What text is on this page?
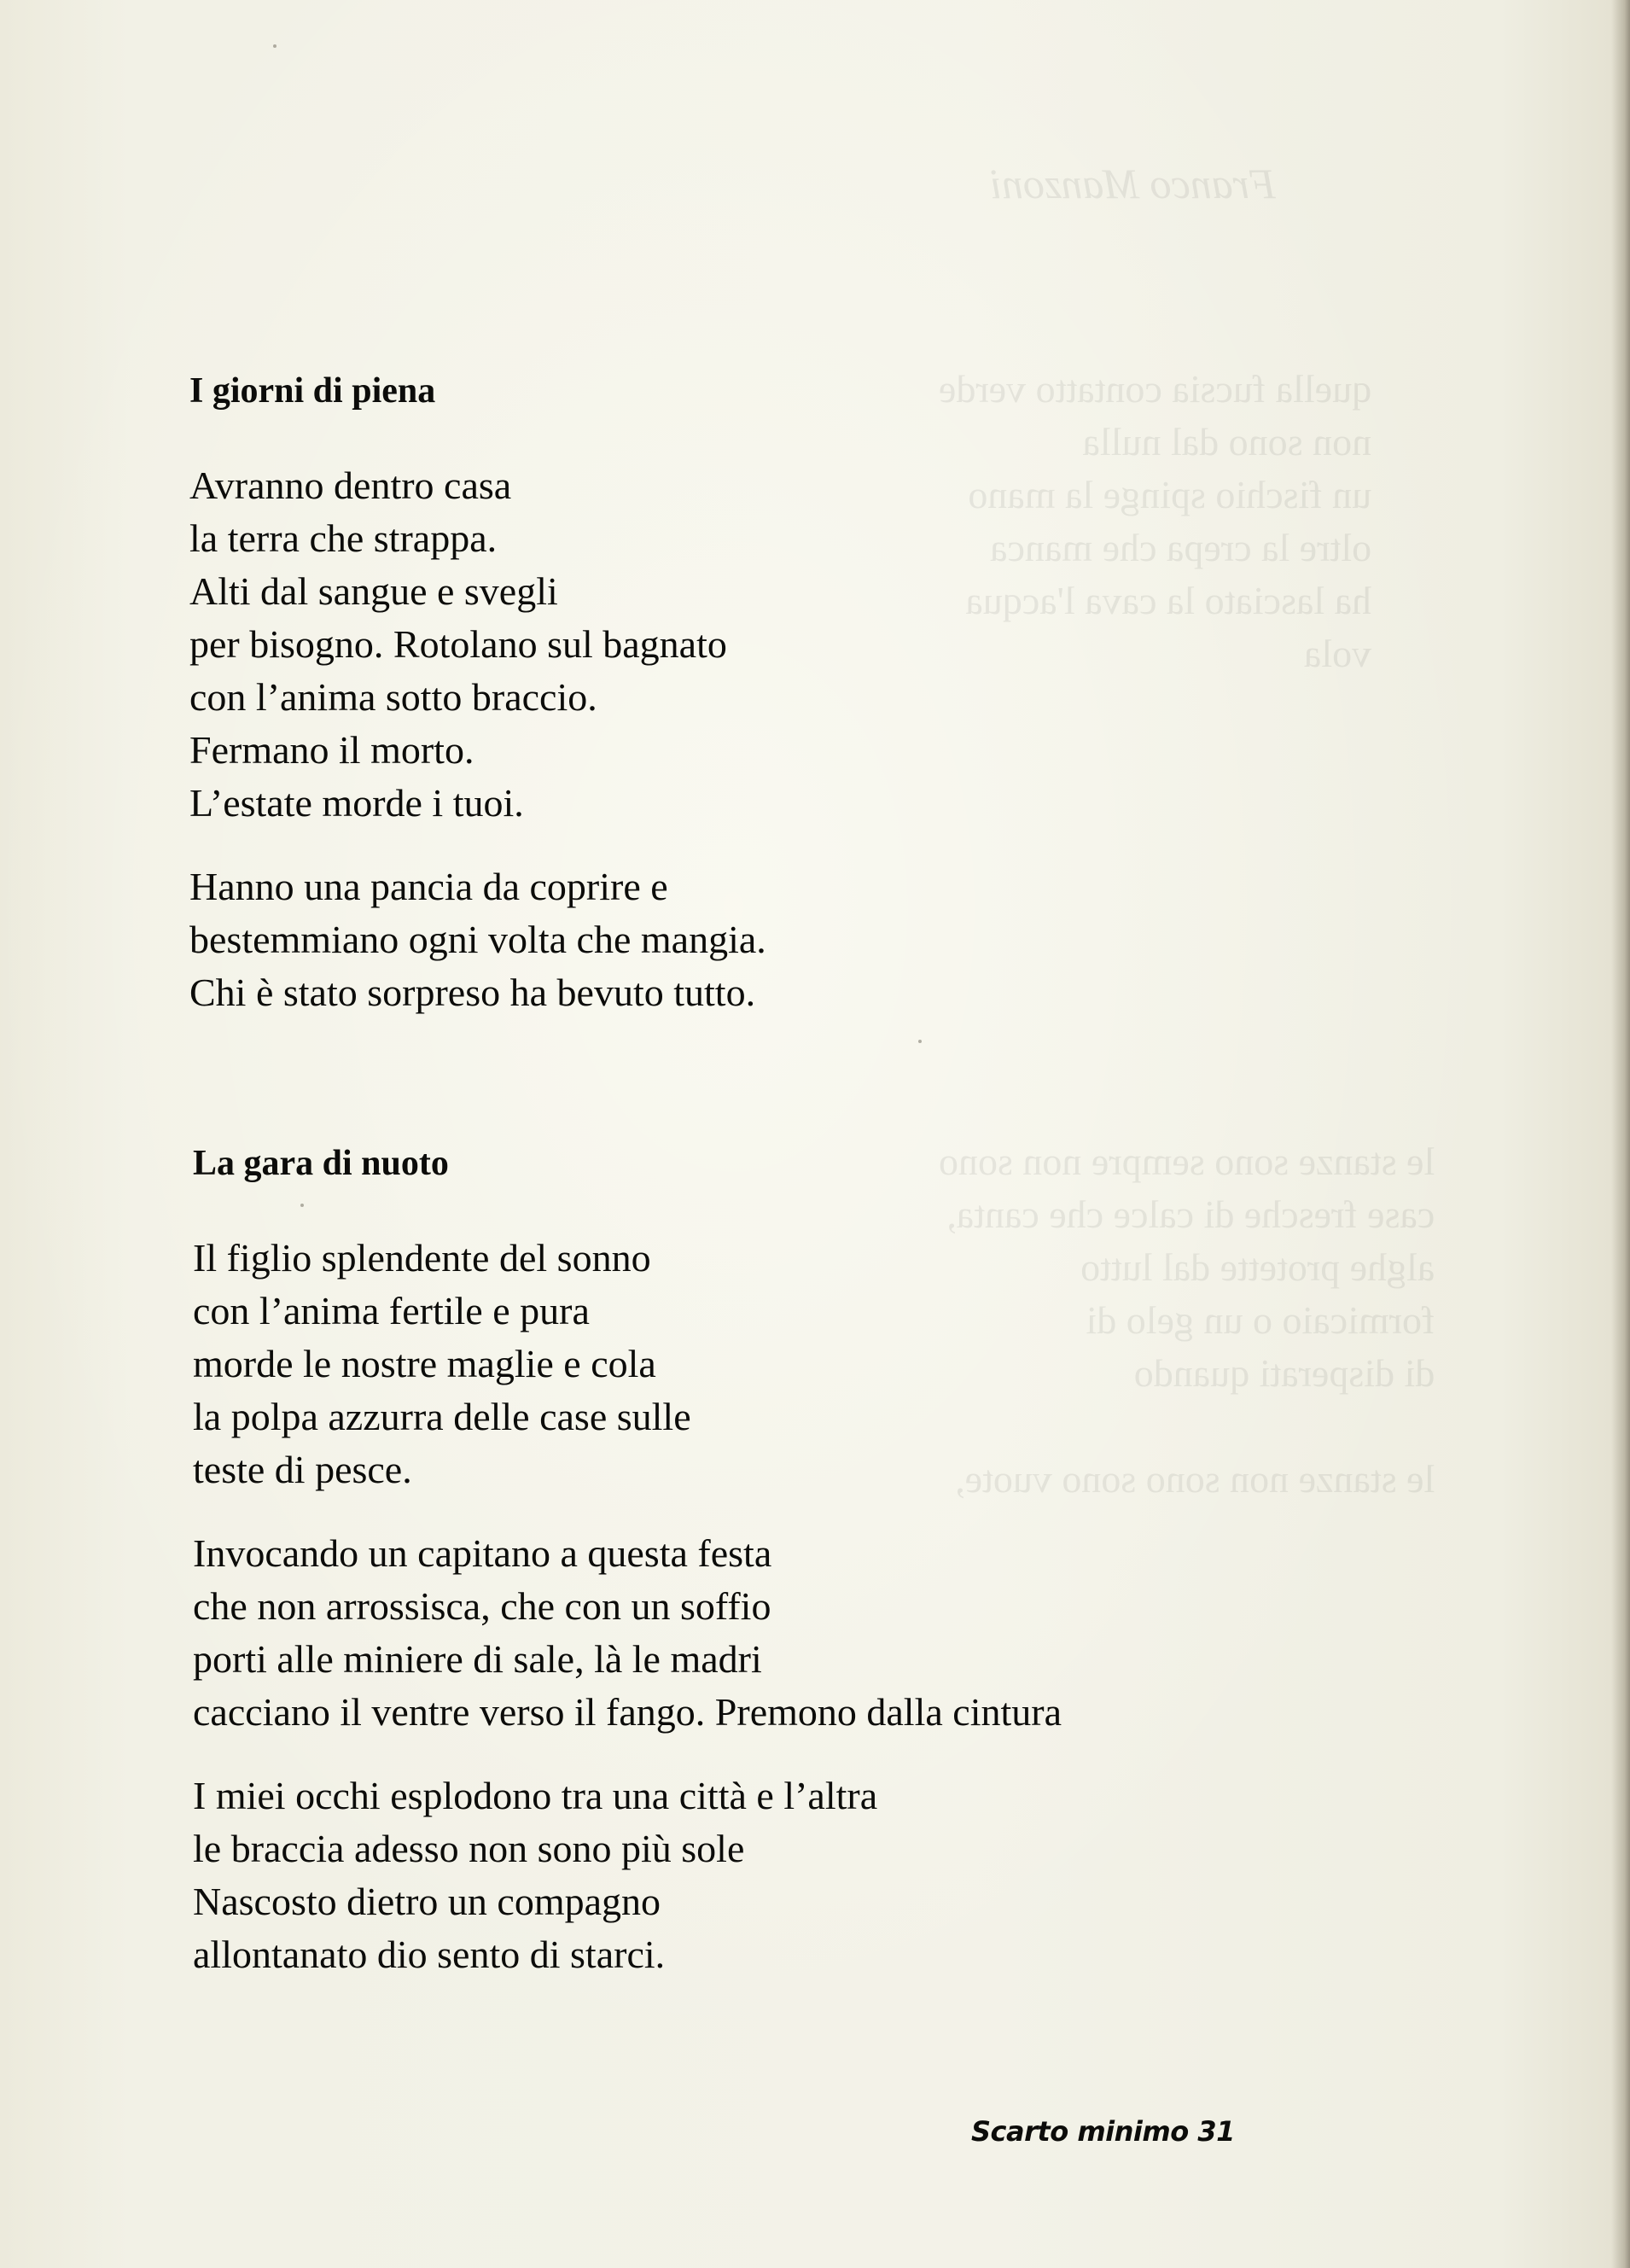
Franco Manzoni
quella fucsia contatto verde
non sono dal nulla
un fischio spinge la mano
oltre la crepa che manca
ha lasciato la cava l'acqua
vola
le stanze sono sempre non sono
case fresche di calce che canta,
alghe protette dal lutto
formicaio o un gelo di
di disperati quando
le stanze non sono sono vuote,
I giorni di piena
Avranno dentro casa
la terra che strappa.
Alti dal sangue e svegli
per bisogno. Rotolano sul bagnato
con l’anima sotto braccio.
Fermano il morto.
L’estate morde i tuoi.
Hanno una pancia da coprire e
bestemmiano ogni volta che mangia.
Chi è stato sorpreso ha bevuto tutto.
La gara di nuoto
Il figlio splendente del sonno
con l’anima fertile e pura
morde le nostre maglie e cola
la polpa azzurra delle case sulle
teste di pesce.
Invocando un capitano a questa festa
che non arrossisca, che con un soffio
porti alle miniere di sale, là le madri
cacciano il ventre verso il fango. Premono dalla cintura
I miei occhi esplodono tra una città e l’altra
le braccia adesso non sono più sole
Nascosto dietro un compagno
allontanato dio sento di starci.
Scarto minimo 31
